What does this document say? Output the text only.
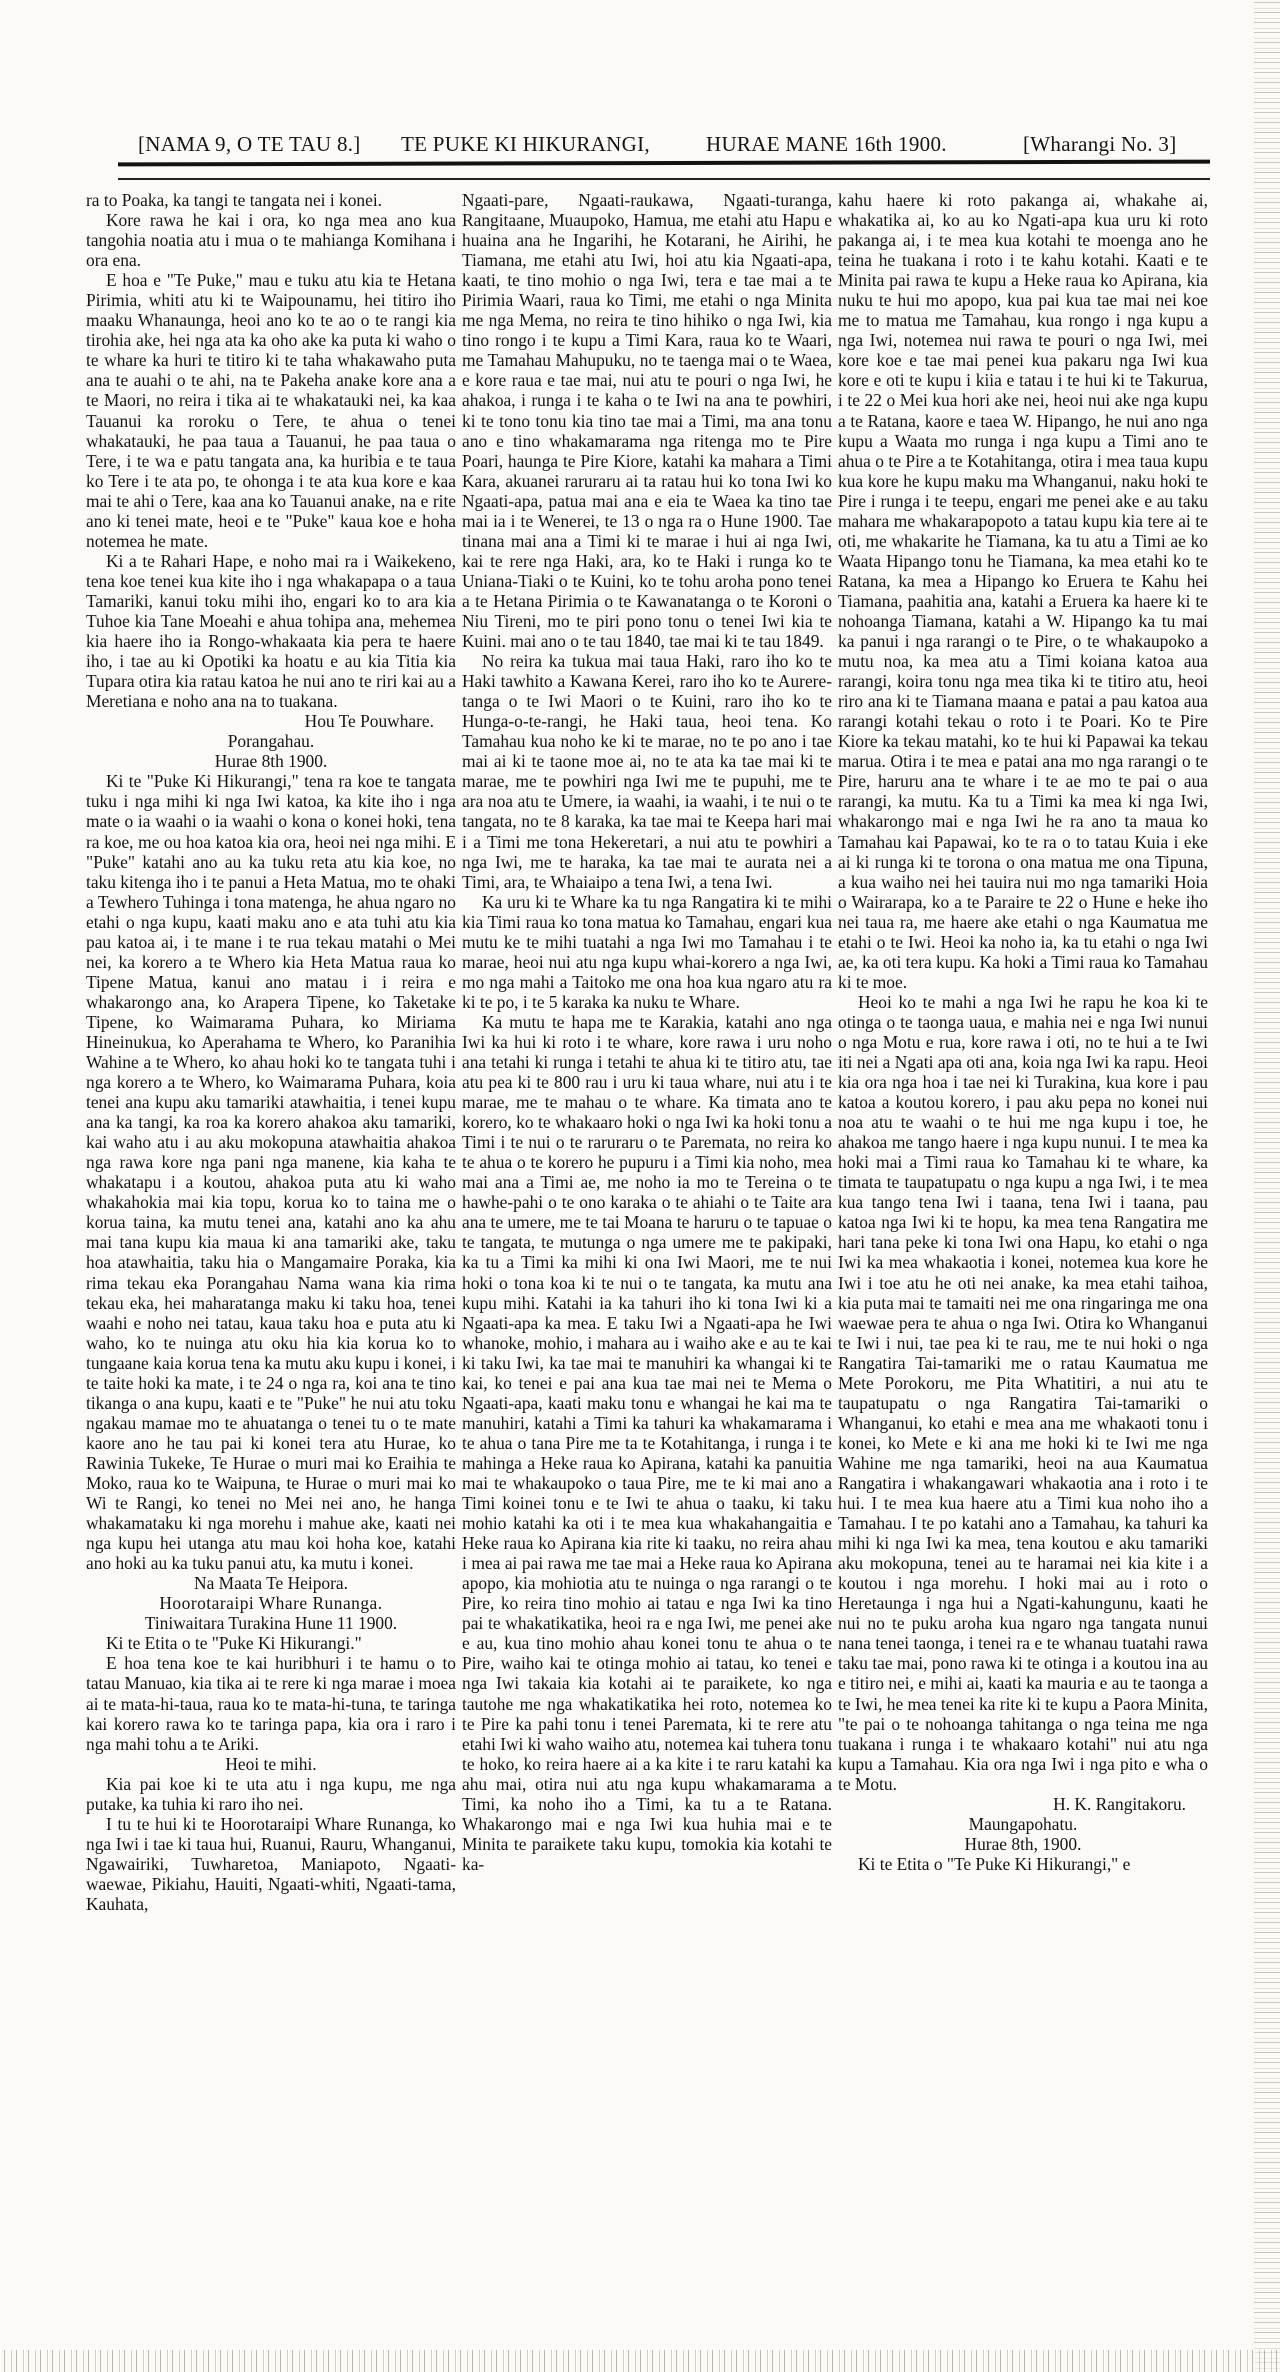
[NAMA 9, O TE TAU 8.] TE PUKE KI HIKURANGI,	HURAE MANE 16th 1900.	[Wharangi No. 3]

ra to Poaka, ka tangi te tangata nei i konei.

Kore rawa he kai i ora, ko nga mea ano kua tangohia noatia atu i mua o te mahianga Komihana i ora ena.

E hoa e "Te Puke," mau e tuku atu kia te Hetana Pirimia, whiti atu ki te Waipounamu, hei titiro iho maaku Whanaunga, heoi ano ko te ao o te rangi kia tirohia ake, hei nga ata ka oho ake ka puta ki waho o te whare ka huri te titiro ki te taha whakawaho puta ana te auahi o te ahi, na te Pakeha anake kore ana a te Maori, no reira i tika ai te whakatauki nei, ka kaa Tauanui ka roroku o Tere, te ahua o tenei whakatauki, he paa taua a Tauanui, he paa taua o Tere, i te wa e patu tangata ana, ka huribia e te taua ko Tere i te ata po, te ohonga i te ata kua kore e kaa mai te ahi o Tere, kaa ana ko Tauanui anake, na e rite ano ki tenei mate, heoi e te "Puke" kaua koe e hoha notemea he mate.

Ki a te Rahari Hape, e noho mai ra i Waikekeno, tena koe tenei kua kite iho i nga whakapapa o a taua Tamariki, kanui toku mihi iho, engari ko to ara kia Tuhoe kia Tane Moeahi e ahua tohipa ana, mehemea kia haere iho ia Rongo-whakaata kia pera te haere iho, i tae au ki Opotiki ka hoatu e au kia Titia kia Tupara otira kia ratau katoa he nui ano te riri kai au a Meretiana e noho ana na to tuakana.

Hou Te Pouwhare.

Porangahau.

Hurae 8th 1900.

Ki te "Puke Ki Hikurangi," tena ra koe te tangata tuku i nga mihi ki nga Iwi katoa, ka kite iho i nga mate o ia waahi o ia waahi o kona o konei hoki, tena ra koe, me ou hoa katoa kia ora, heoi nei nga mihi. E "Puke" katahi ano au ka tuku reta atu kia koe, no taku kitenga iho i te panui a Heta Matua, mo te ohaki a Tewhero Tuhinga i tona matenga, he ahua ngaro no etahi o nga kupu, kaati maku ano e ata tuhi atu kia pau katoa ai, i te mane i te rua tekau matahi o Mei nei, ka korero a te Whero kia Heta Matua raua ko Tipene Matua, kanui ano matau i i reira e whakarongo ana, ko Arapera Tipene, ko Taketake Tipene, ko Waimarama Puhara, ko Miriama Hineinukua, ko Aperahama te Whero, ko Paranihia Wahine a te Whero, ko ahau hoki ko te tangata tuhi i nga korero a te Whero, ko Waimarama Puhara, koia tenei ana kupu aku tamariki atawhaitia, i tenei kupu ana ka tangi, ka roa ka korero ahakoa aku tamariki, kai waho atu i au aku mokopuna atawhaitia ahakoa nga rawa kore nga pani nga manene, kia kaha te whakatapu i a koutou, ahakoa puta atu ki waho whakahokia mai kia topu, korua ko to taina me o korua taina, ka mutu tenei ana, katahi ano ka ahu mai tana kupu kia maua ki ana tamariki ake, taku hoa atawhaitia, taku hia o Mangamaire Poraka, kia rima tekau eka Porangahau Nama wana kia rima tekau eka, hei maharatanga maku ki taku hoa, tenei waahi e noho nei tatau, kaua taku hoa e puta atu ki waho, ko te nuinga atu oku hia kia korua ko to tungaane kaia korua tena ka mutu aku kupu i konei, i te taite hoki ka mate, i te 24 o nga ra, koi ana te tino tikanga o ana kupu, kaati e te "Puke" he nui atu toku ngakau mamae mo te ahuatanga o tenei tu o te mate kaore ano he tau pai ki konei tera atu Hurae, ko Rawinia Tukeke, Te Hurae o muri mai ko Eraihia te Moko, raua ko te Waipuna, te Hurae o muri mai ko Wi te Rangi, ko tenei no Mei nei ano, he hanga whakamataku ki nga morehu i mahue ake, kaati nei nga kupu hei utanga atu mau koi hoha koe, katahi ano hoki au ka tuku panui atu, ka mutu i konei.

Na Maata Te Heipora.

Hoorotaraipi Whare Runanga.

Tiniwaitara Turakina Hune 11 1900.

Ki te Etita o te "Puke Ki Hikurangi."

E hoa tena koe te kai huribhuri i te hamu o to tatau Manuao, kia tika ai te rere ki nga marae i moea ai te mata-hi-taua, raua ko te mata-hi-tuna, te taringa kai korero rawa ko te taringa papa, kia ora i raro i nga mahi tohu a te Ariki.

Heoi te mihi.

Kia pai koe ki te uta atu i nga kupu, me nga putake, ka tuhia ki raro iho nei.

I tu te hui ki te Hoorotaraipi Whare Runanga, ko nga Iwi i tae ki taua hui, Ruanui, Rauru, Whanganui, Ngawairiki, Tuwharetoa, Maniapoto, Ngaati-waewae, Pikiahu, Hauiti, Ngaati-whiti, Ngaati-tama, Kauhata,

Ngaati-pare, Ngaati-raukawa, Ngaati-turanga, Rangitaane, Muaupoko, Hamua, me etahi atu Hapu e huaina ana he Ingarihi, he Kotarani, he Airihi, he Tiamana, me etahi atu Iwi, hoi atu kia Ngaati-apa, kaati, te tino mohio o nga Iwi, tera e tae mai a te Pirimia Waari, raua ko Timi, me etahi o nga Minita me nga Mema, no reira te tino hihiko o nga Iwi, kia tino rongo i te kupu a Timi Kara, raua ko te Waari, me Tamahau Mahupuku, no te taenga mai o te Waea, e kore raua e tae mai, nui atu te pouri o nga Iwi, he ahakoa, i runga i te kaha o te Iwi na ana te powhiri, ki te tono tonu kia tino tae mai a Timi, ma ana tonu ano e tino whakamarama nga ritenga mo te Pire Poari, haunga te Pire Kiore, katahi ka mahara a Timi Kara, akuanei raruraru ai ta ratau hui ko tona Iwi ko Ngaati-apa, patua mai ana e eia te Waea ka tino tae mai ia i te Wenerei, te 13 o nga ra o Hune 1900. Tae tinana mai ana a Timi ki te marae i hui ai nga Iwi, kai te rere nga Haki, ara, ko te Haki i runga ko te Uniana-Tiaki o te Kuini, ko te tohu aroha pono tenei a te Hetana Pirimia o te Kawanatanga o te Koroni o Niu Tireni, mo te piri pono tonu o tenei Iwi kia te Kuini. mai ano o te tau 1840, tae mai ki te tau 1849.

No reira ka tukua mai taua Haki, raro iho ko te Haki tawhito a Kawana Kerei, raro iho ko te Aurere-tanga o te Iwi Maori o te Kuini, raro iho ko te Hunga-o-te-rangi, he Haki taua, heoi tena. Ko Tamahau kua noho ke ki te marae, no te po ano i tae mai ai ki te taone moe ai, no te ata ka tae mai ki te marae, me te powhiri nga Iwi me te pupuhi, me te ara noa atu te Umere, ia waahi, ia waahi, i te nui o te tangata, no te 8 karaka, ka tae mai te Keepa hari mai i a Timi me tona Hekeretari, a nui atu te powhiri a nga Iwi, me te haraka, ka tae mai te aurata nei a Timi, ara, te Whaiaipo a tena Iwi, a tena Iwi.

Ka uru ki te Whare ka tu nga Rangatira ki te mihi kia Timi raua ko tona matua ko Tamahau, engari kua mutu ke te mihi tuatahi a nga Iwi mo Tamahau i te marae, heoi nui atu nga kupu whai-korero a nga Iwi, mo nga mahi a Taitoko me ona hoa kua ngaro atu ra ki te po, i te 5 karaka ka nuku te Whare.

Ka mutu te hapa me te Karakia, katahi ano nga Iwi ka hui ki roto i te whare, kore rawa i uru noho ana tetahi ki runga i tetahi te ahua ki te titiro atu, tae atu pea ki te 800 rau i uru ki taua whare, nui atu i te marae, me te mahau o te whare. Ka timata ano te korero, ko te whakaaro hoki o nga Iwi ka hoki tonu a Timi i te nui o te raruraru o te Paremata, no reira ko te ahua o te korero he pupuru i a Timi kia noho, mea mai ana a Timi ae, me noho ia mo te Tereina o te hawhe-pahi o te ono karaka o te ahiahi o te Taite ara ana te umere, me te tai Moana te haruru o te tapuae o te tangata, te mutunga o nga umere me te pakipaki, ka tu a Timi ka mihi ki ona Iwi Maori, me te nui hoki o tona koa ki te nui o te tangata, ka mutu ana kupu mihi. Katahi ia ka tahuri iho ki tona Iwi ki a Ngaati-apa ka mea. E taku Iwi a Ngaati-apa he Iwi whanoke, mohio, i mahara au i waiho ake e au te kai ki taku Iwi, ka tae mai te manuhiri ka whangai ki te kai, ko tenei e pai ana kua tae mai nei te Mema o Ngaati-apa, kaati maku tonu e whangai he kai ma te manuhiri, katahi a Timi ka tahuri ka whakamarama i te ahua o tana Pire me ta te Kotahitanga, i runga i te mahinga a Heke raua ko Apirana, katahi ka panuitia mai te whakaupoko o taua Pire, me te ki mai ano a Timi koinei tonu e te Iwi te ahua o taaku, ki taku mohio katahi ka oti i te mea kua whakahangaitia e Heke raua ko Apirana kia rite ki taaku, no reira ahau i mea ai pai rawa me tae mai a Heke raua ko Apirana apopo, kia mohiotia atu te nuinga o nga rarangi o te Pire, ko reira tino mohio ai tatau e nga Iwi ka tino pai te whakatikatika, heoi ra e nga Iwi, me penei ake e au, kua tino mohio ahau konei tonu te ahua o te Pire, waiho kai te otinga mohio ai tatau, ko tenei e nga Iwi takaia kia kotahi ai te paraikete, ko nga tautohe me nga whakatikatika hei roto, notemea ko te Pire ka pahi tonu i tenei Paremata, ki te rere atu etahi Iwi ki waho waiho atu, notemea kai tuhera tonu te hoko, ko reira haere ai a ka kite i te raru katahi ka ahu mai, otira nui atu nga kupu whakamarama a Timi, ka noho iho a Timi, ka tu a te Ratana. Whakarongo mai e nga Iwi kua huhia mai e te Minita te paraikete taku kupu, tomokia kia kotahi te ka-

kahu haere ki roto pakanga ai, whakahe ai, whakatika ai, ko au ko Ngati-apa kua uru ki roto pakanga ai, i te mea kua kotahi te moenga ano he teina he tuakana i roto i te kahu kotahi. Kaati e te Minita pai rawa te kupu a Heke raua ko Apirana, kia nuku te hui mo apopo, kua pai kua tae mai nei koe me to matua me Tamahau, kua rongo i nga kupu a nga Iwi, notemea nui rawa te pouri o nga Iwi, mei kore koe e tae mai penei kua pakaru nga Iwi kua kore e oti te kupu i kiia e tatau i te hui ki te Takurua, i te 22 o Mei kua hori ake nei, heoi nui ake nga kupu a te Ratana, kaore e taea W. Hipango, he nui ano nga kupu a Waata mo runga i nga kupu a Timi ano te ahua o te Pire a te Kotahitanga, otira i mea taua kupu kua kore he kupu maku ma Whanganui, naku hoki te Pire i runga i te teepu, engari me penei ake e au taku mahara me whakarapopoto a tatau kupu kia tere ai te oti, me whakarite he Tiamana, ka tu atu a Timi ae ko Waata Hipango tonu he Tiamana, ka mea etahi ko te Ratana, ka mea a Hipango ko Eruera te Kahu hei Tiamana, paahitia ana, katahi a Eruera ka haere ki te nohoanga Tiamana, katahi a W. Hipango ka tu mai ka panui i nga rarangi o te Pire, o te whakaupoko a mutu noa, ka mea atu a Timi koiana katoa aua rarangi, koira tonu nga mea tika ki te titiro atu, heoi riro ana ki te Tiamana maana e patai a pau katoa aua rarangi kotahi tekau o roto i te Poari. Ko te Pire Kiore ka tekau matahi, ko te hui ki Papawai ka tekau marua. Otira i te mea e patai ana mo nga rarangi o te Pire, haruru ana te whare i te ae mo te pai o aua rarangi, ka mutu. Ka tu a Timi ka mea ki nga Iwi, whakarongo mai e nga Iwi he ra ano ta maua ko Tamahau kai Papawai, ko te ra o to tatau Kuia i eke ai ki runga ki te torona o ona matua me ona Tipuna, a kua waiho nei hei tauira nui mo nga tamariki Hoia o Wairarapa, ko a te Paraire te 22 o Hune e heke iho nei taua ra, me haere ake etahi o nga Kaumatua me etahi o te Iwi. Heoi ka noho ia, ka tu etahi o nga Iwi ae, ka oti tera kupu. Ka hoki a Timi raua ko Tamahau ki te moe.

Heoi ko te mahi a nga Iwi he rapu he koa ki te otinga o te taonga uaua, e mahia nei e nga Iwi nunui o nga Motu e rua, kore rawa i oti, no te hui a te Iwi iti nei a Ngati apa oti ana, koia nga Iwi ka rapu. Heoi kia ora nga hoa i tae nei ki Turakina, kua kore i pau katoa a koutou korero, i pau aku pepa no konei nui noa atu te waahi o te hui me nga kupu i toe, he ahakoa me tango haere i nga kupu nunui. I te mea ka hoki mai a Timi raua ko Tamahau ki te whare, ka timata te taupatupatu o nga kupu a nga Iwi, i te mea kua tango tena Iwi i taana, tena Iwi i taana, pau katoa nga Iwi ki te hopu, ka mea tena Rangatira me hari tana peke ki tona Iwi ona Hapu, ko etahi o nga Iwi ka mea whakaotia i konei, notemea kua kore he Iwi i toe atu he oti nei anake, ka mea etahi taihoa, kia puta mai te tamaiti nei me ona ringaringa me ona waewae pera te ahua o nga Iwi. Otira ko Whanganui te Iwi i nui, tae pea ki te rau, me te nui hoki o nga Rangatira Tai-tamariki me o ratau Kaumatua me Mete Porokoru, me Pita Whatitiri, a nui atu te taupatupatu o nga Rangatira Tai-tamariki o Whanganui, ko etahi e mea ana me whakaoti tonu i konei, ko Mete e ki ana me hoki ki te Iwi me nga Wahine me nga tamariki, heoi na aua Kaumatua Rangatira i whakangawari whakaotia ana i roto i te hui. I te mea kua haere atu a Timi kua noho iho a Tamahau. I te po katahi ano a Tamahau, ka tahuri ka mihi ki nga Iwi ka mea, tena koutou e aku tamariki aku mokopuna, tenei au te haramai nei kia kite i a koutou i nga morehu. I hoki mai au i roto o Heretaunga i nga hui a Ngati-kahungunu, kaati he nui no te puku aroha kua ngaro nga tangata nunui nana tenei taonga, i tenei ra e te whanau tuatahi rawa taku tae mai, pono rawa ki te otinga i a koutou ina au e titiro nei, e mihi ai, kaati ka mauria e au te taonga a te Iwi, he mea tenei ka rite ki te kupu a Paora Minita, "te pai o te nohoanga tahitanga o nga teina me nga tuakana i runga i te whakaaro kotahi" nui atu nga kupu a Tamahau. Kia ora nga Iwi i nga pito e wha o te Motu.

H. K. Rangitakoru.

Maungapohatu.

Hurae 8th, 1900.

Ki te Etita o "Te Puke Ki Hikurangi," e
